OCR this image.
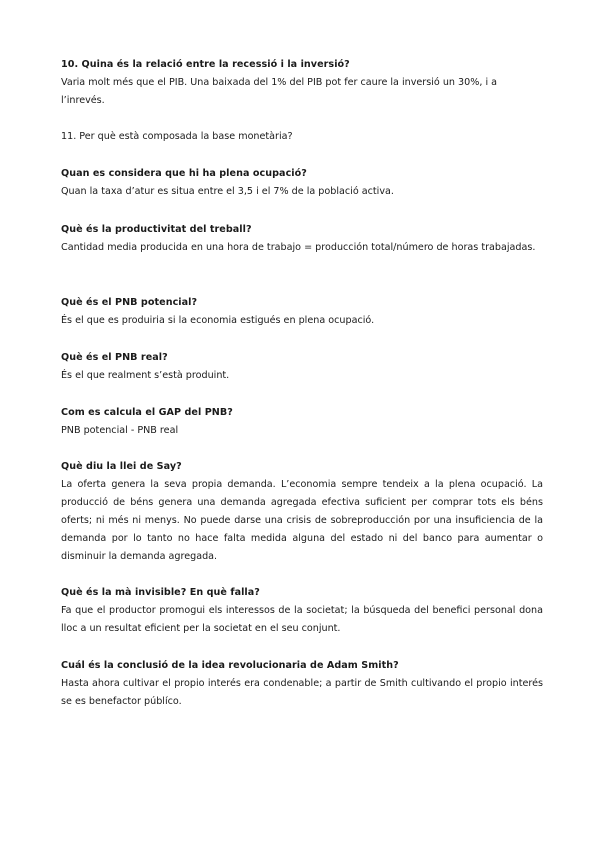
10. Quina és la relació entre la recessió i la inversió?
Varia molt més que el PIB. Una baixada del 1% del PIB pot fer caure la inversió un 30%, i a l’inrevés.
11. Per què està composada la base monetària?
Quan es considera que hi ha plena ocupació?
Quan la taxa d’atur es situa entre el 3,5 i el 7% de la població activa.
Què és la productivitat del treball?
Cantidad media producida en una hora de trabajo = producción total/número de horas trabajadas.
Què és el PNB potencial?
És el que es produiria si la economia estigués en plena ocupació.
Què és el PNB real?
És el que realment s’està produint.
Com es calcula el GAP del PNB?
PNB potencial - PNB real
Què diu la llei de Say?
La oferta genera la seva propia demanda. L’economia sempre tendeix a la plena ocupació. La producció de béns genera una demanda agregada efectiva suficient per comprar tots els béns oferts; ni més ni menys. No puede darse una crisis de sobreproducción por una insuficiencia de la demanda por lo tanto no hace falta medida alguna del estado ni del banco para aumentar o disminuir la demanda agregada.
Què és la mà invisible? En què falla?
Fa que el productor promogui els interessos de la societat; la búsqueda del benefici personal dona lloc a un resultat eficient per la societat en el seu conjunt.
Cuál és la conclusió de la idea revolucionaria de Adam Smith?
Hasta ahora cultivar el propio interés era condenable; a partir de Smith cultivando el propio interés se es benefactor públíco.
